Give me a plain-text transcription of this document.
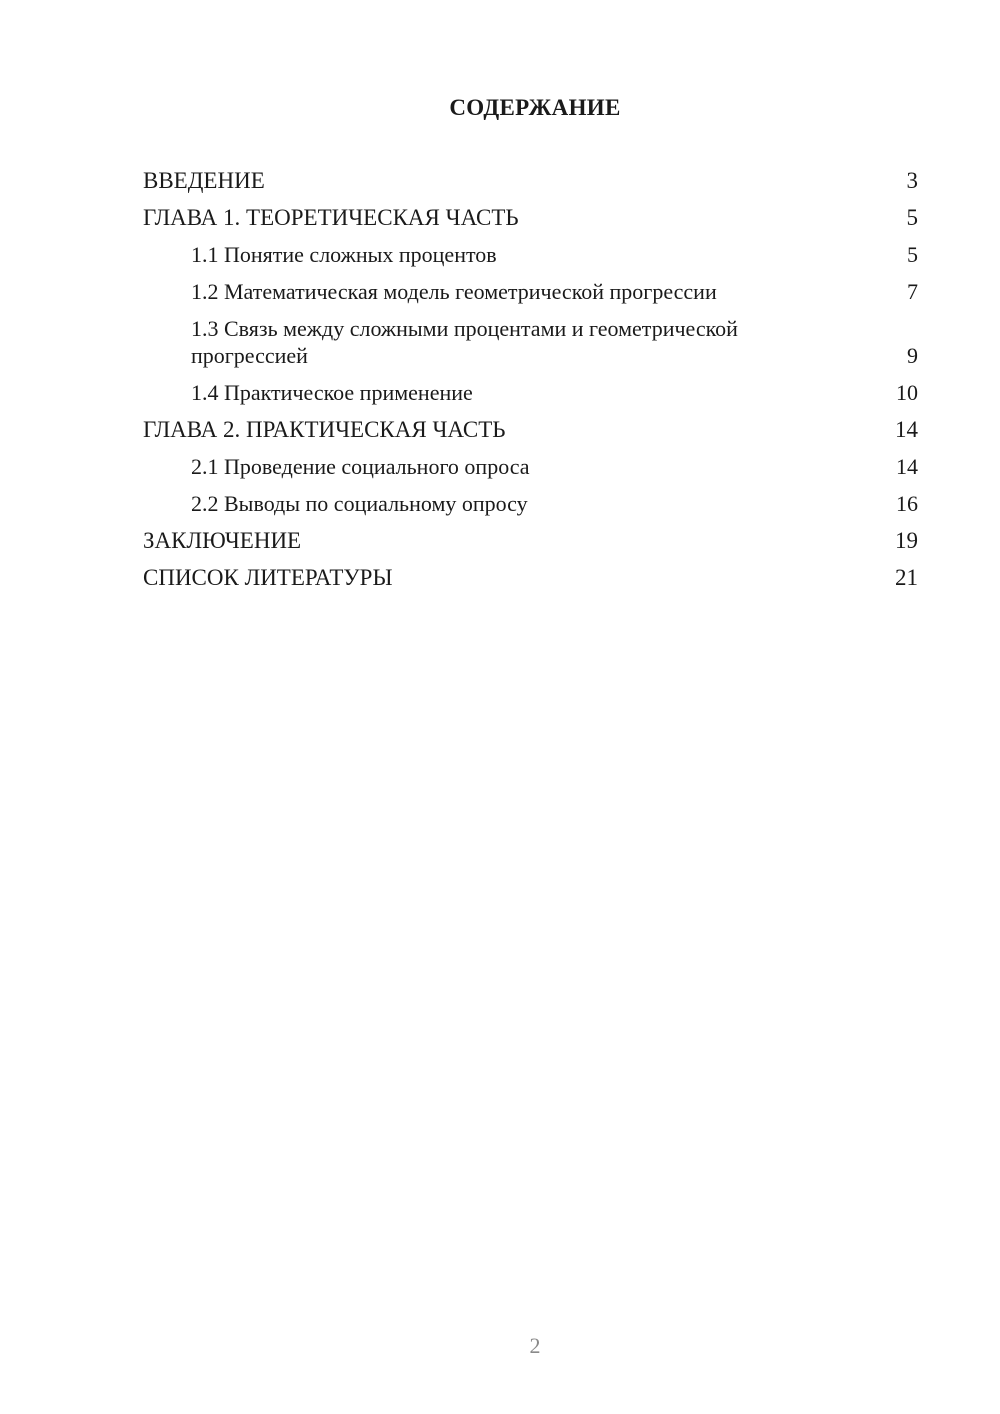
СОДЕРЖАНИЕ
ВВЕДЕНИЕ	3
ГЛАВА 1. ТЕОРЕТИЧЕСКАЯ ЧАСТЬ	5
1.1 Понятие сложных процентов	5
1.2 Математическая модель геометрической прогрессии	7
1.3 Связь между сложными процентами и геометрической прогрессией	9
1.4 Практическое применение	10
ГЛАВА 2. ПРАКТИЧЕСКАЯ ЧАСТЬ	14
2.1 Проведение социального опроса	14
2.2 Выводы по социальному опросу	16
ЗАКЛЮЧЕНИЕ	19
СПИСОК ЛИТЕРАТУРЫ	21
2
